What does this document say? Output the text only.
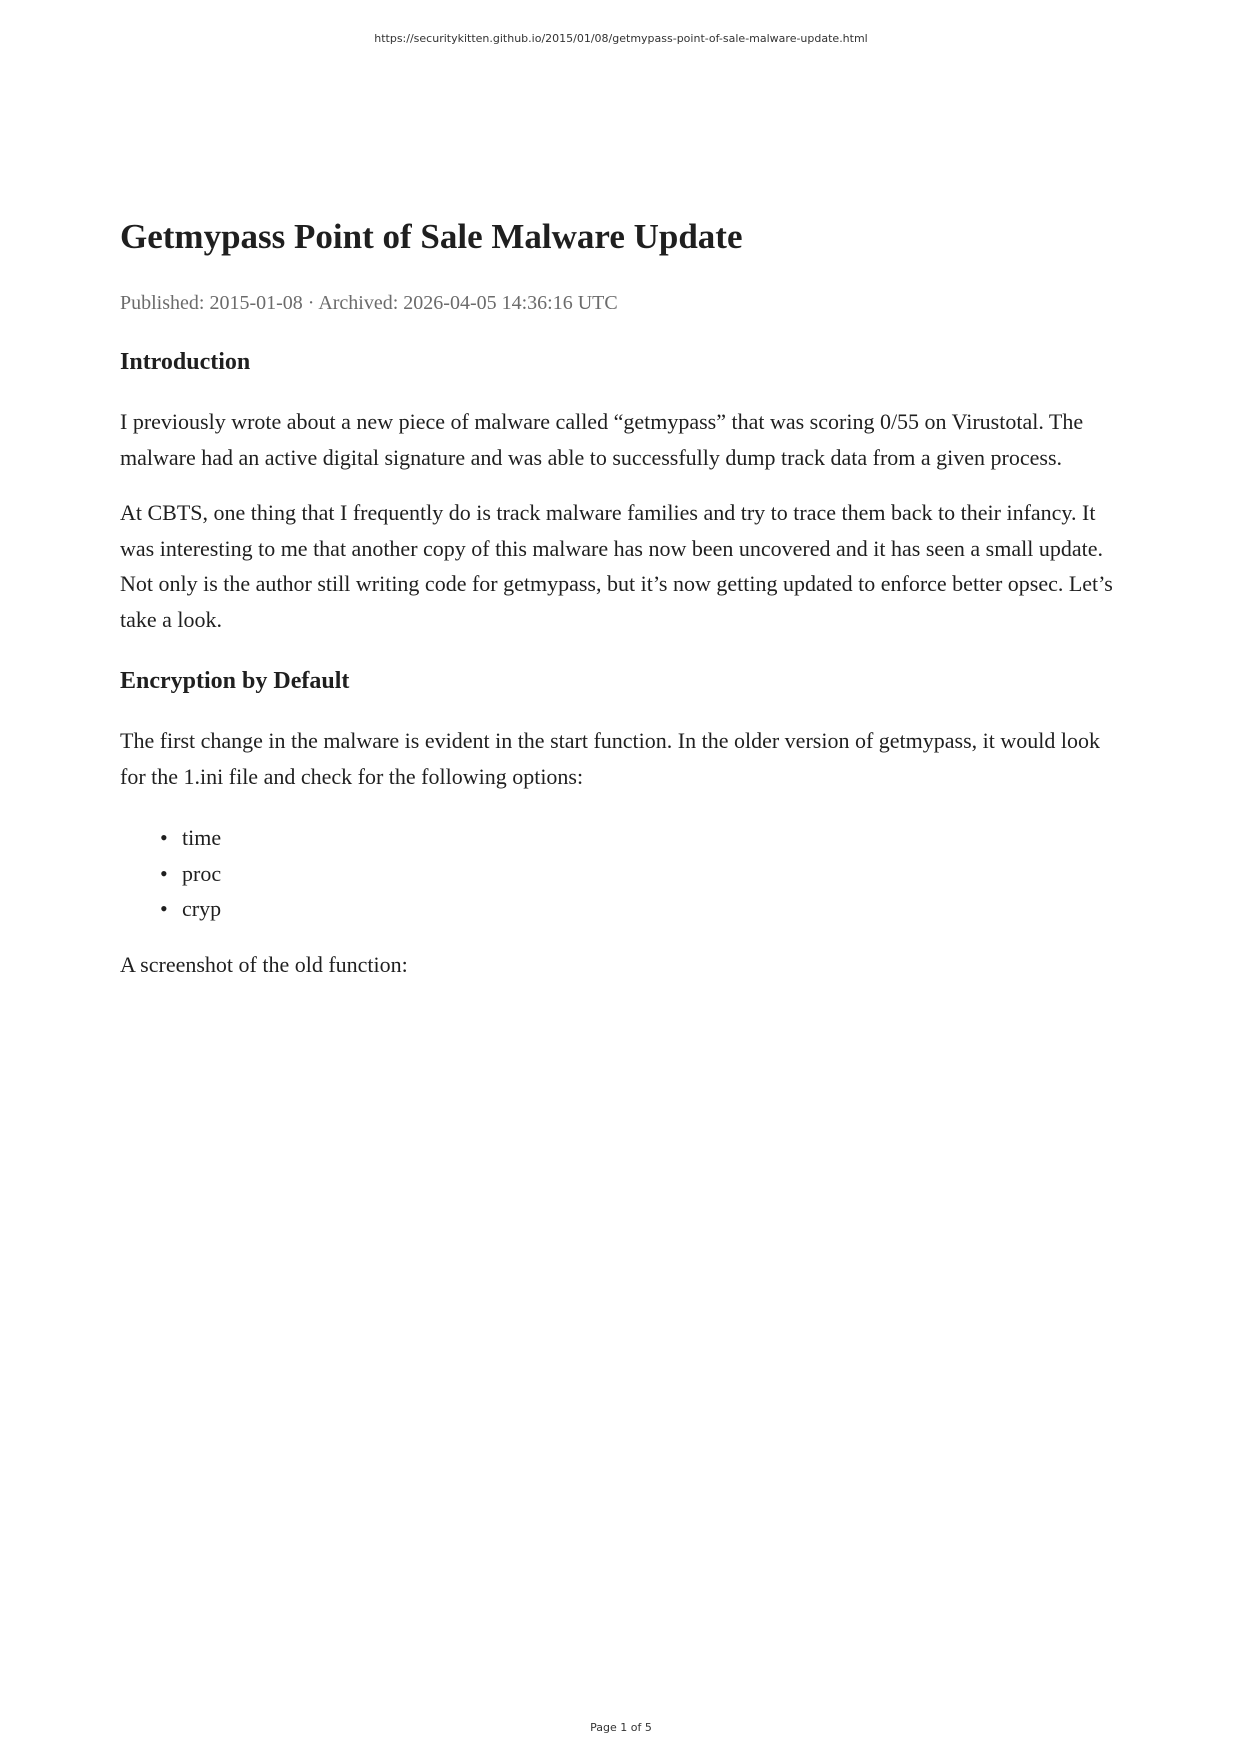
https://securitykitten.github.io/2015/01/08/getmypass-point-of-sale-malware-update.html
Getmypass Point of Sale Malware Update
Published: 2015-01-08 · Archived: 2026-04-05 14:36:16 UTC
Introduction

I previously wrote about a new piece of malware called “getmypass” that was scoring 0/55 on Virustotal. The malware had an active digital signature and was able to successfully dump track data from a given process.

At CBTS, one thing that I frequently do is track malware families and try to trace them back to their infancy. It was interesting to me that another copy of this malware has now been uncovered and it has seen a small update. Not only is the author still writing code for getmypass, but it’s now getting updated to enforce better opsec. Let’s take a look.

Encryption by Default

The first change in the malware is evident in the start function. In the older version of getmypass, it would look for the 1.ini file and check for the following options:

• time
• proc
• cryp

A screenshot of the old function:

Page 1 of 5
